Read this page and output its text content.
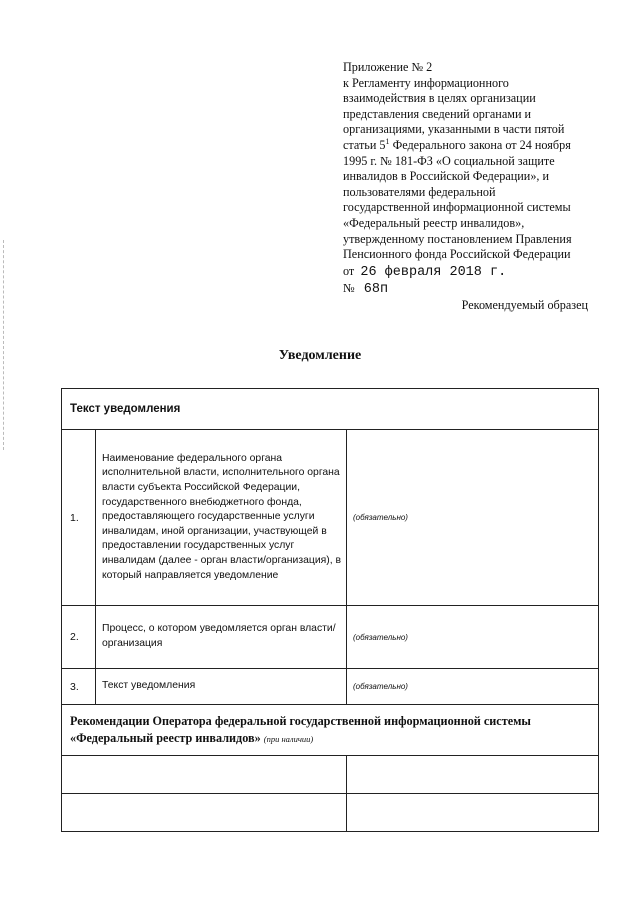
Приложение № 2
к Регламенту информационного
взаимодействия в целях организации
представления сведений органами и
организациями, указанными в части пятой
статьи $5^1$ Федерального закона от 24 ноября
1995 г. № 181-ФЗ «О социальной защите
инвалидов в Российской Федерации», и
пользователями федеральной
государственной информационной системы
«Федеральный реестр инвалидов»,
утвержденному постановлением Правления
Пенсионного фонда Российской Федерации
от 26 февраля 2018 г.
№ 68п
Рекомендуемый образец
Уведомление
Текст уведомления		
1.	Наименование федерального органа исполнительной власти, исполнительного органа власти субъекта Российской Федерации, государственного внебюджетного фонда, предоставляющего государственные услуги инвалидам, иной организации, участвующей в предоставлении государственных услуг инвалидам (далее - орган власти/организация), в который направляется уведомление	(обязательно)
2.	Процесс, о котором уведомляется орган власти/организация	(обязательно)
3.	Текст уведомления	(обязательно)

Рекомендации Оператора федеральной государственной информационной системы
«Федеральный реестр инвалидов» (при наличии)		
